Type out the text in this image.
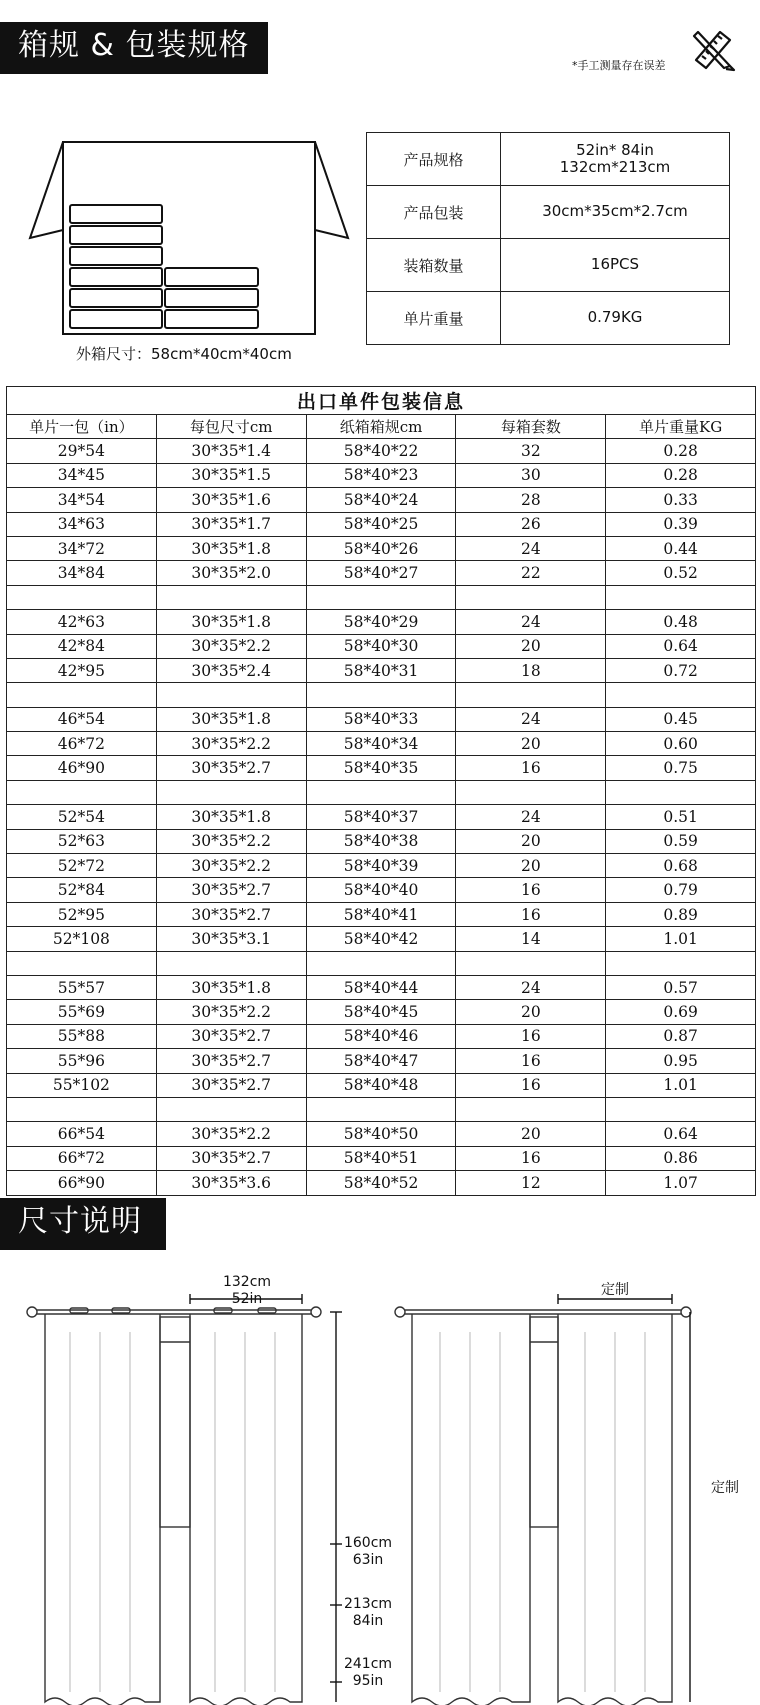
箱规 & 包装规格
*手工测量存在误差
外箱尺寸：58cm*40cm*40cm
产品规格	52in* 84in
132cm*213cm
产品包装	30cm*35cm*2.7cm
装箱数量	16PCS
单片重量	0.79KG
出口单件包装信息				
单片一包（in）	每包尺寸cm	纸箱箱规cm	每箱套数	单片重量KG
29*54	30*35*1.4	58*40*22	32	0.28
34*45	30*35*1.5	58*40*23	30	0.28
34*54	30*35*1.6	58*40*24	28	0.33
34*63	30*35*1.7	58*40*25	26	0.39
34*72	30*35*1.8	58*40*26	24	0.44
34*84	30*35*2.0	58*40*27	22	0.52

42*63	30*35*1.8	58*40*29	24	0.48
42*84	30*35*2.2	58*40*30	20	0.64
42*95	30*35*2.4	58*40*31	18	0.72

46*54	30*35*1.8	58*40*33	24	0.45
46*72	30*35*2.2	58*40*34	20	0.60
46*90	30*35*2.7	58*40*35	16	0.75

52*54	30*35*1.8	58*40*37	24	0.51
52*63	30*35*2.2	58*40*38	20	0.59
52*72	30*35*2.2	58*40*39	20	0.68
52*84	30*35*2.7	58*40*40	16	0.79
52*95	30*35*2.7	58*40*41	16	0.89
52*108	30*35*3.1	58*40*42	14	1.01

55*57	30*35*1.8	58*40*44	24	0.57
55*69	30*35*2.2	58*40*45	20	0.69
55*88	30*35*2.7	58*40*46	16	0.87
55*96	30*35*2.7	58*40*47	16	0.95
55*102	30*35*2.7	58*40*48	16	1.01

66*54	30*35*2.2	58*40*50	20	0.64
66*72	30*35*2.7	58*40*51	16	0.86
66*90	30*35*3.6	58*40*52	12	1.07
尺寸说明
132cm
52in
160cm
63in
213cm
84in
241cm
95in
定制
定制
